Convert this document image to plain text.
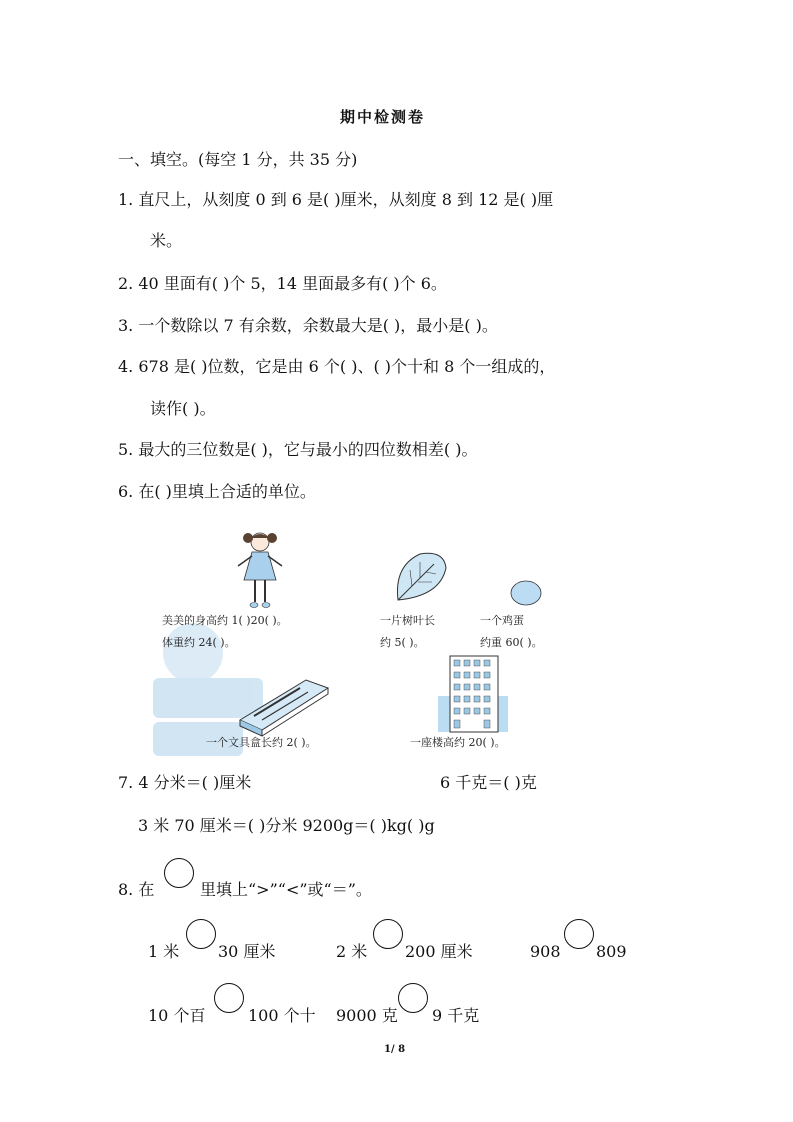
期中检测卷
一、填空。(每空 1 分，共 35 分)
1. 直尺上，从刻度 0 到 6 是( )厘米，从刻度 8 到 12 是( )厘
米。
2. 40 里面有( )个 5，14 里面最多有( )个 6。
3. 一个数除以 7 有余数，余数最大是( )，最小是( )。
4. 678 是( )位数，它是由 6 个( )、( )个十和 8 个一组成的，
读作( )。
5. 最大的三位数是( )，它与最小的四位数相差( )。
6. 在( )里填上合适的单位。
美美的身高约 1( )20( )。
体重约 24( )。
一片树叶长
约 5( )。
一个鸡蛋
约重 60( )。
一个文具盒长约 2( )。	一座楼高约 20( )。
7. 4 分米＝( )厘米	6 千克＝( )克
3 米 70 厘米＝( )分米 9200g＝( )kg( )g
8. 在	里填上“>”“<”或“＝”。
1 米 30 厘米	2 米 200 厘米	908 809
10 个百	100 个十 9000 克 9 千克
1/ 8
